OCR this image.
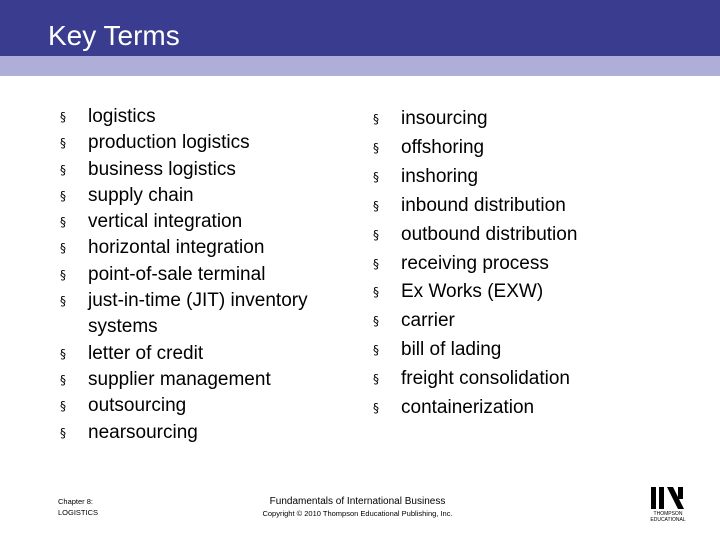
Key Terms
§ logistics
§ production logistics
§ business logistics
§ supply chain
§ vertical integration
§ horizontal integration
§ point-of-sale terminal
§ just-in-time (JIT) inventory systems
§ letter of credit
§ supplier management
§ outsourcing
§ nearsourcing
§ insourcing
§ offshoring
§ inshoring
§ inbound distribution
§ outbound distribution
§ receiving process
§ Ex Works (EXW)
§ carrier
§ bill of lading
§ freight consolidation
§ containerization
Chapter 8:
LOGISTICS
Fundamentals of International Business
Copyright © 2010 Thompson Educational Publishing, Inc.	THOMPSON
EDUCATIONAL
